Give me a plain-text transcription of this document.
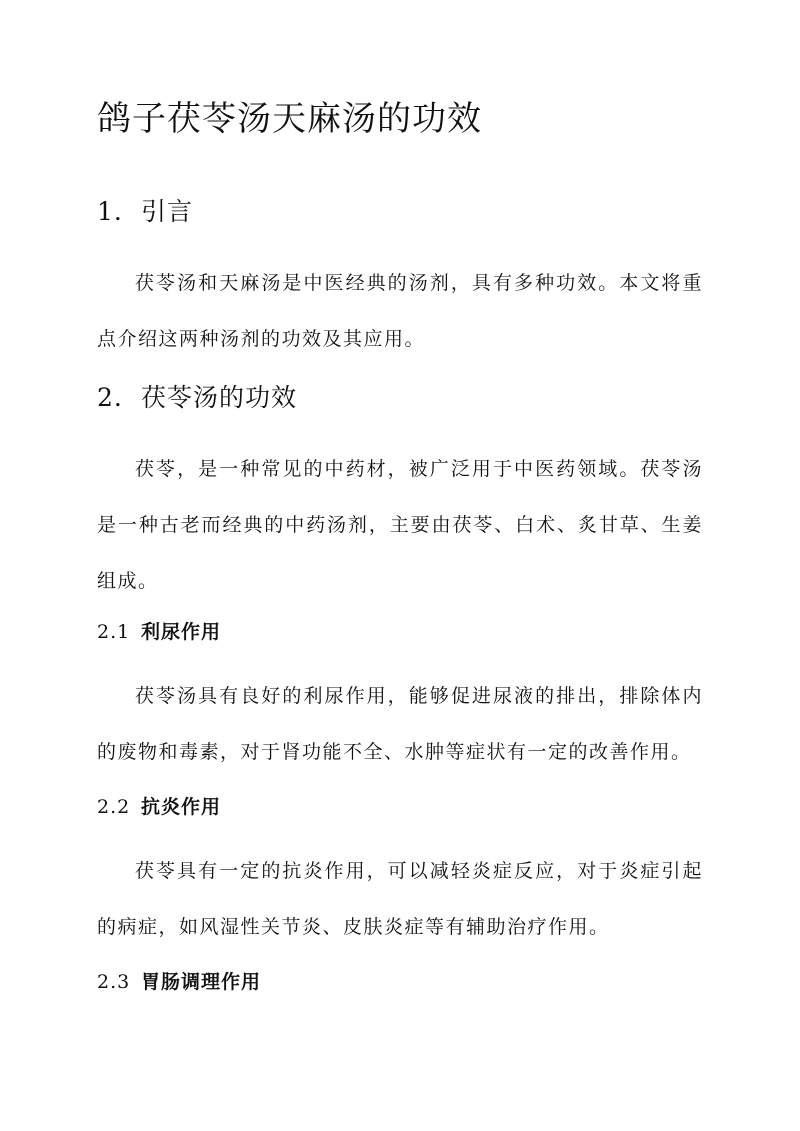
鸽子茯苓汤天麻汤的功效
1. 引言

茯苓汤和天麻汤是中医经典的汤剂，具有多种功效。本文将重点介绍这两种汤剂的功效及其应用。

2. 茯苓汤的功效

茯苓，是一种常见的中药材，被广泛用于中医药领域。茯苓汤是一种古老而经典的中药汤剂，主要由茯苓、白术、炙甘草、生姜组成。

2.1 利尿作用

茯苓汤具有良好的利尿作用，能够促进尿液的排出，排除体内的废物和毒素，对于肾功能不全、水肿等症状有一定的改善作用。

2.2 抗炎作用

茯苓具有一定的抗炎作用，可以减轻炎症反应，对于炎症引起的病症，如风湿性关节炎、皮肤炎症等有辅助治疗作用。

2.3 胃肠调理作用
